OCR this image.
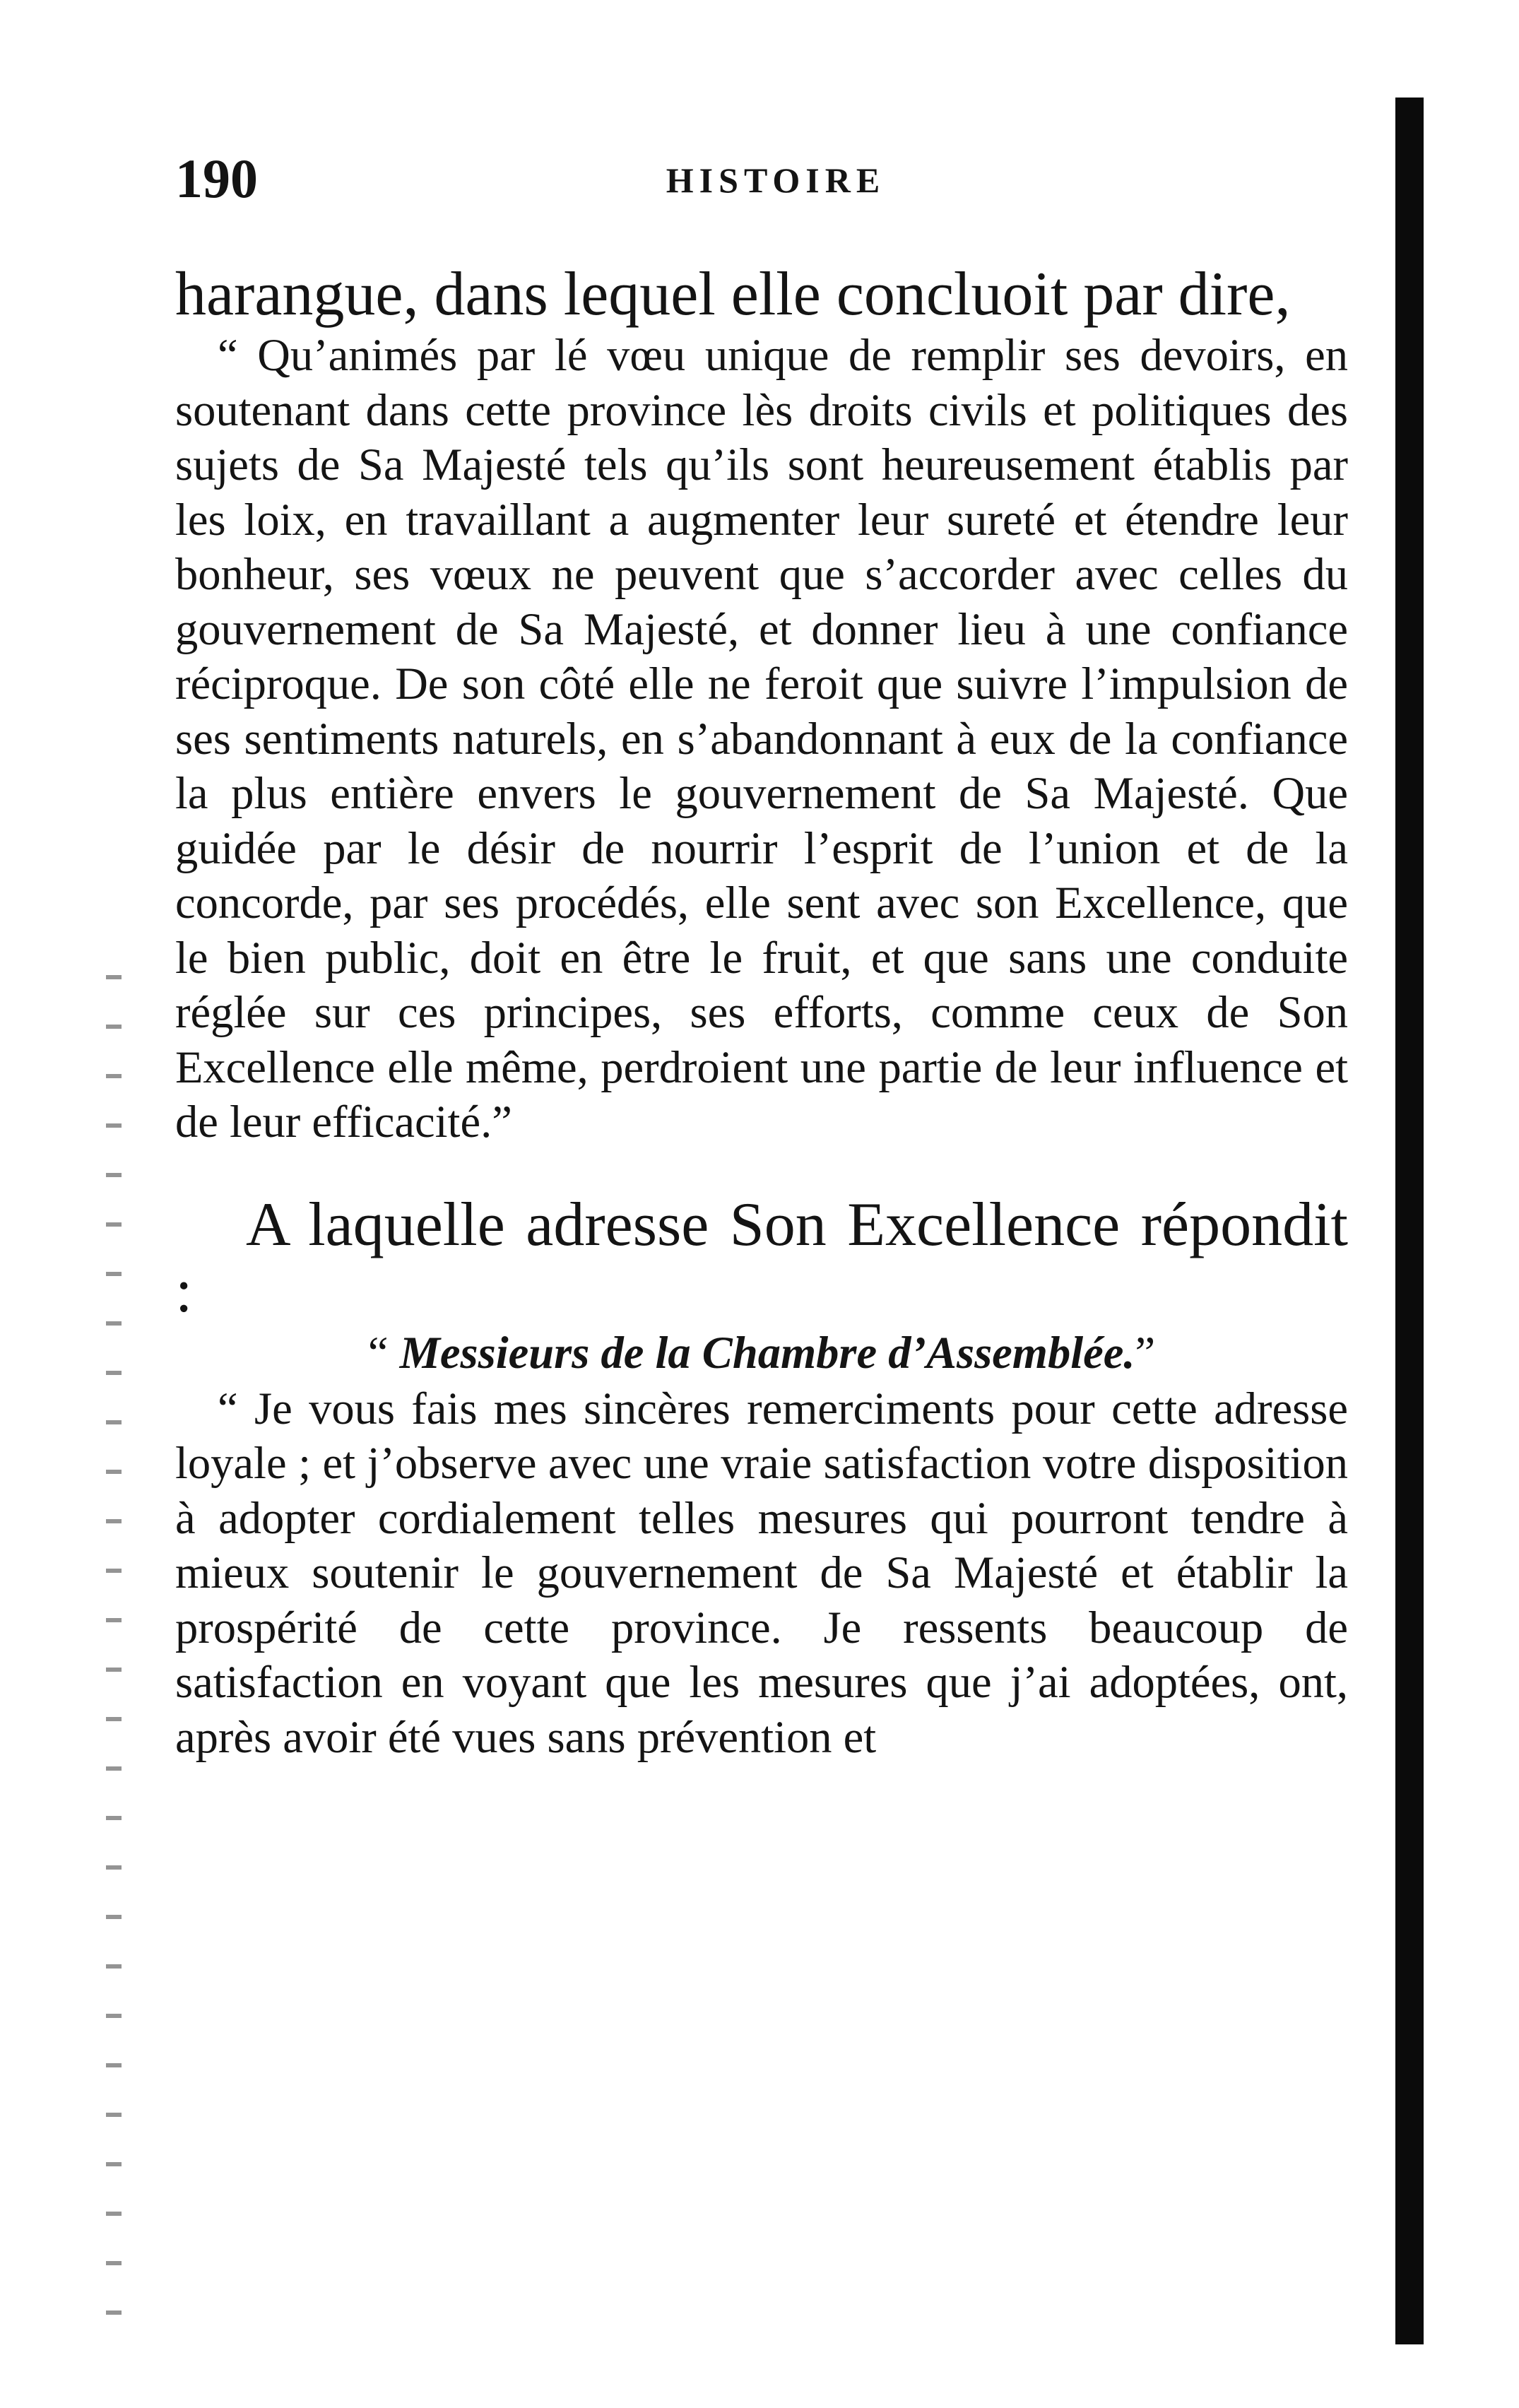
190	HISTOIRE

harangue, dans lequel elle concluoit par dire,

“ Qu’animés par lé vœu unique de remplir ses devoirs, en soutenant dans cette province lès droits civils et politiques des sujets de Sa Majesté tels qu’ils sont heureusement établis par les loix, en travaillant a augmenter leur sureté et étendre leur bonheur, ses vœux ne peuvent que s’accorder avec celles du gouvernement de Sa Majesté, et donner lieu à une confiance réciproque. De son côté elle ne feroit que suivre l’impulsion de ses sentiments naturels, en s’abandonnant à eux de la confiance la plus entière envers le gouvernement de Sa Majesté. Que guidée par le désir de nourrir l’esprit de l’union et de la concorde, par ses procédés, elle sent avec son Excellence, que le bien public, doit en être le fruit, et que sans une conduite réglée sur ces principes, ses efforts, comme ceux de Son Excellence elle même, perdroient une partie de leur influence et de leur efficacité.”

A laquelle adresse Son Excellence répondit :

“ Messieurs de la Chambre d’Assemblée.”

“ Je vous fais mes sincères remerciments pour cette adresse loyale ; et j’observe avec une vraie satisfaction votre disposition à adopter cordialement telles mesures qui pourront tendre à mieux soutenir le gouvernement de Sa Majesté et établir la prospérité de cette province. Je ressents beaucoup de satisfaction en voyant que les mesures que j’ai adoptées, ont, après avoir été vues sans prévention et
